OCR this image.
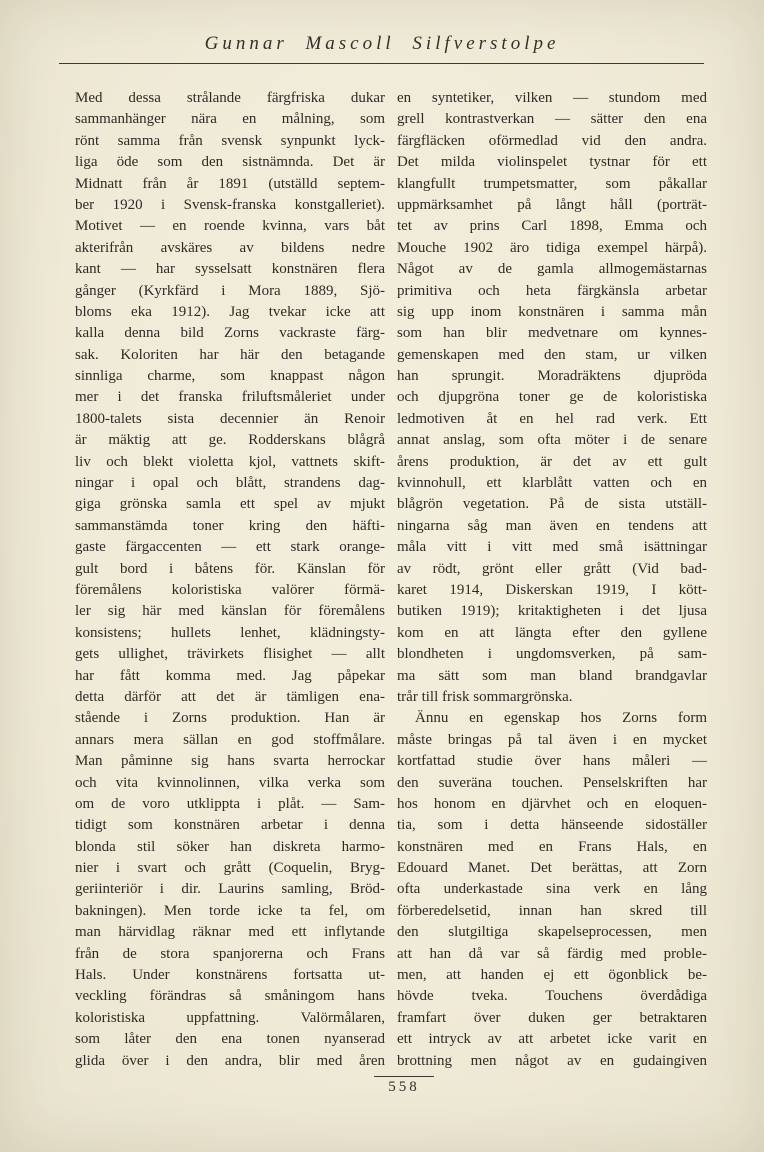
Gunnar Mascoll Silfverstolpe
Med dessa strålande färgfriska dukar
sammanhänger nära en målning, som
rönt samma från svensk synpunkt lyck-
liga öde som den sistnämnda. Det är
Midnatt från år 1891 (utställd septem-
ber 1920 i Svensk-franska konstgalleriet).
Motivet — en roende kvinna, vars båt
akterifrån avskäres av bildens nedre
kant — har sysselsatt konstnären flera
gånger (Kyrkfärd i Mora 1889, Sjö-
bloms eka 1912). Jag tvekar icke att
kalla denna bild Zorns vackraste färg-
sak. Koloriten har här den betagande
sinnliga charme, som knappast någon
mer i det franska friluftsmåleriet under
1800-talets sista decennier än Renoir
är mäktig att ge. Rodderskans blågrå
liv och blekt violetta kjol, vattnets skift-
ningar i opal och blått, strandens dag-
giga grönska samla ett spel av mjukt
sammanstämda toner kring den häfti-
gaste färgaccenten — ett stark orange-
gult bord i båtens för. Känslan för
föremålens koloristiska valörer förmä-
ler sig här med känslan för föremålens
konsistens; hullets lenhet, klädningsty-
gets ullighet, trävirkets flisighet — allt
har fått komma med. Jag påpekar
detta därför att det är tämligen ena-
stående i Zorns produktion. Han är
annars mera sällan en god stoffmålare.
Man påminne sig hans svarta herrockar
och vita kvinnolinnen, vilka verka som
om de voro utklippta i plåt. — Sam-
tidigt som konstnären arbetar i denna
blonda stil söker han diskreta harmo-
nier i svart och grått (Coquelin, Bryg-
geriinteriör i dir. Laurins samling, Bröd-
bakningen). Men torde icke ta fel, om
man härvidlag räknar med ett inflytande
från de stora spanjorerna och Frans
Hals. Under konstnärens fortsatta ut-
veckling förändras så småningom hans
koloristiska uppfattning. Valörmålaren,
som låter den ena tonen nyanserad
glida över i den andra, blir med åren
en syntetiker, vilken — stundom med
grell kontrastverkan — sätter den ena
färgfläcken oförmedlad vid den andra.
Det milda violinspelet tystnar för ett
klangfullt trumpetsmatter, som påkallar
uppmärksamhet på långt håll (porträt-
tet av prins Carl 1898, Emma och
Mouche 1902 äro tidiga exempel härpå).
Något av de gamla allmogemästarnas
primitiva och heta färgkänsla arbetar
sig upp inom konstnären i samma mån
som han blir medvetnare om kynnes-
gemenskapen med den stam, ur vilken
han sprungit. Moradräktens djupröda
och djupgröna toner ge de koloristiska
ledmotiven åt en hel rad verk. Ett
annat anslag, som ofta möter i de senare
årens produktion, är det av ett gult
kvinnohull, ett klarblått vatten och en
blågrön vegetation. På de sista utställ-
ningarna såg man även en tendens att
måla vitt i vitt med små isättningar
av rödt, grönt eller grått (Vid bad-
karet 1914, Diskerskan 1919, I kött-
butiken 1919); kritaktigheten i det ljusa
kom en att längta efter den gyllene
blondheten i ungdomsverken, på sam-
ma sätt som man bland brandgavlar
trår till frisk sommargrönska.
Ännu en egenskap hos Zorns form
måste bringas på tal även i en mycket
kortfattad studie över hans måleri —
den suveräna touchen. Penselskriften har
hos honom en djärvhet och en eloquen-
tia, som i detta hänseende sidoställer
konstnären med en Frans Hals, en
Edouard Manet. Det berättas, att Zorn
ofta underkastade sina verk en lång
förberedelsetid, innan han skred till
den slutgiltiga skapelseprocessen, men
att han då var så färdig med proble-
men, att handen ej ett ögonblick be-
hövde tveka. Touchens överdådiga
framfart över duken ger betraktaren
ett intryck av att arbetet icke varit en
brottning men något av en gudaingiven
558
